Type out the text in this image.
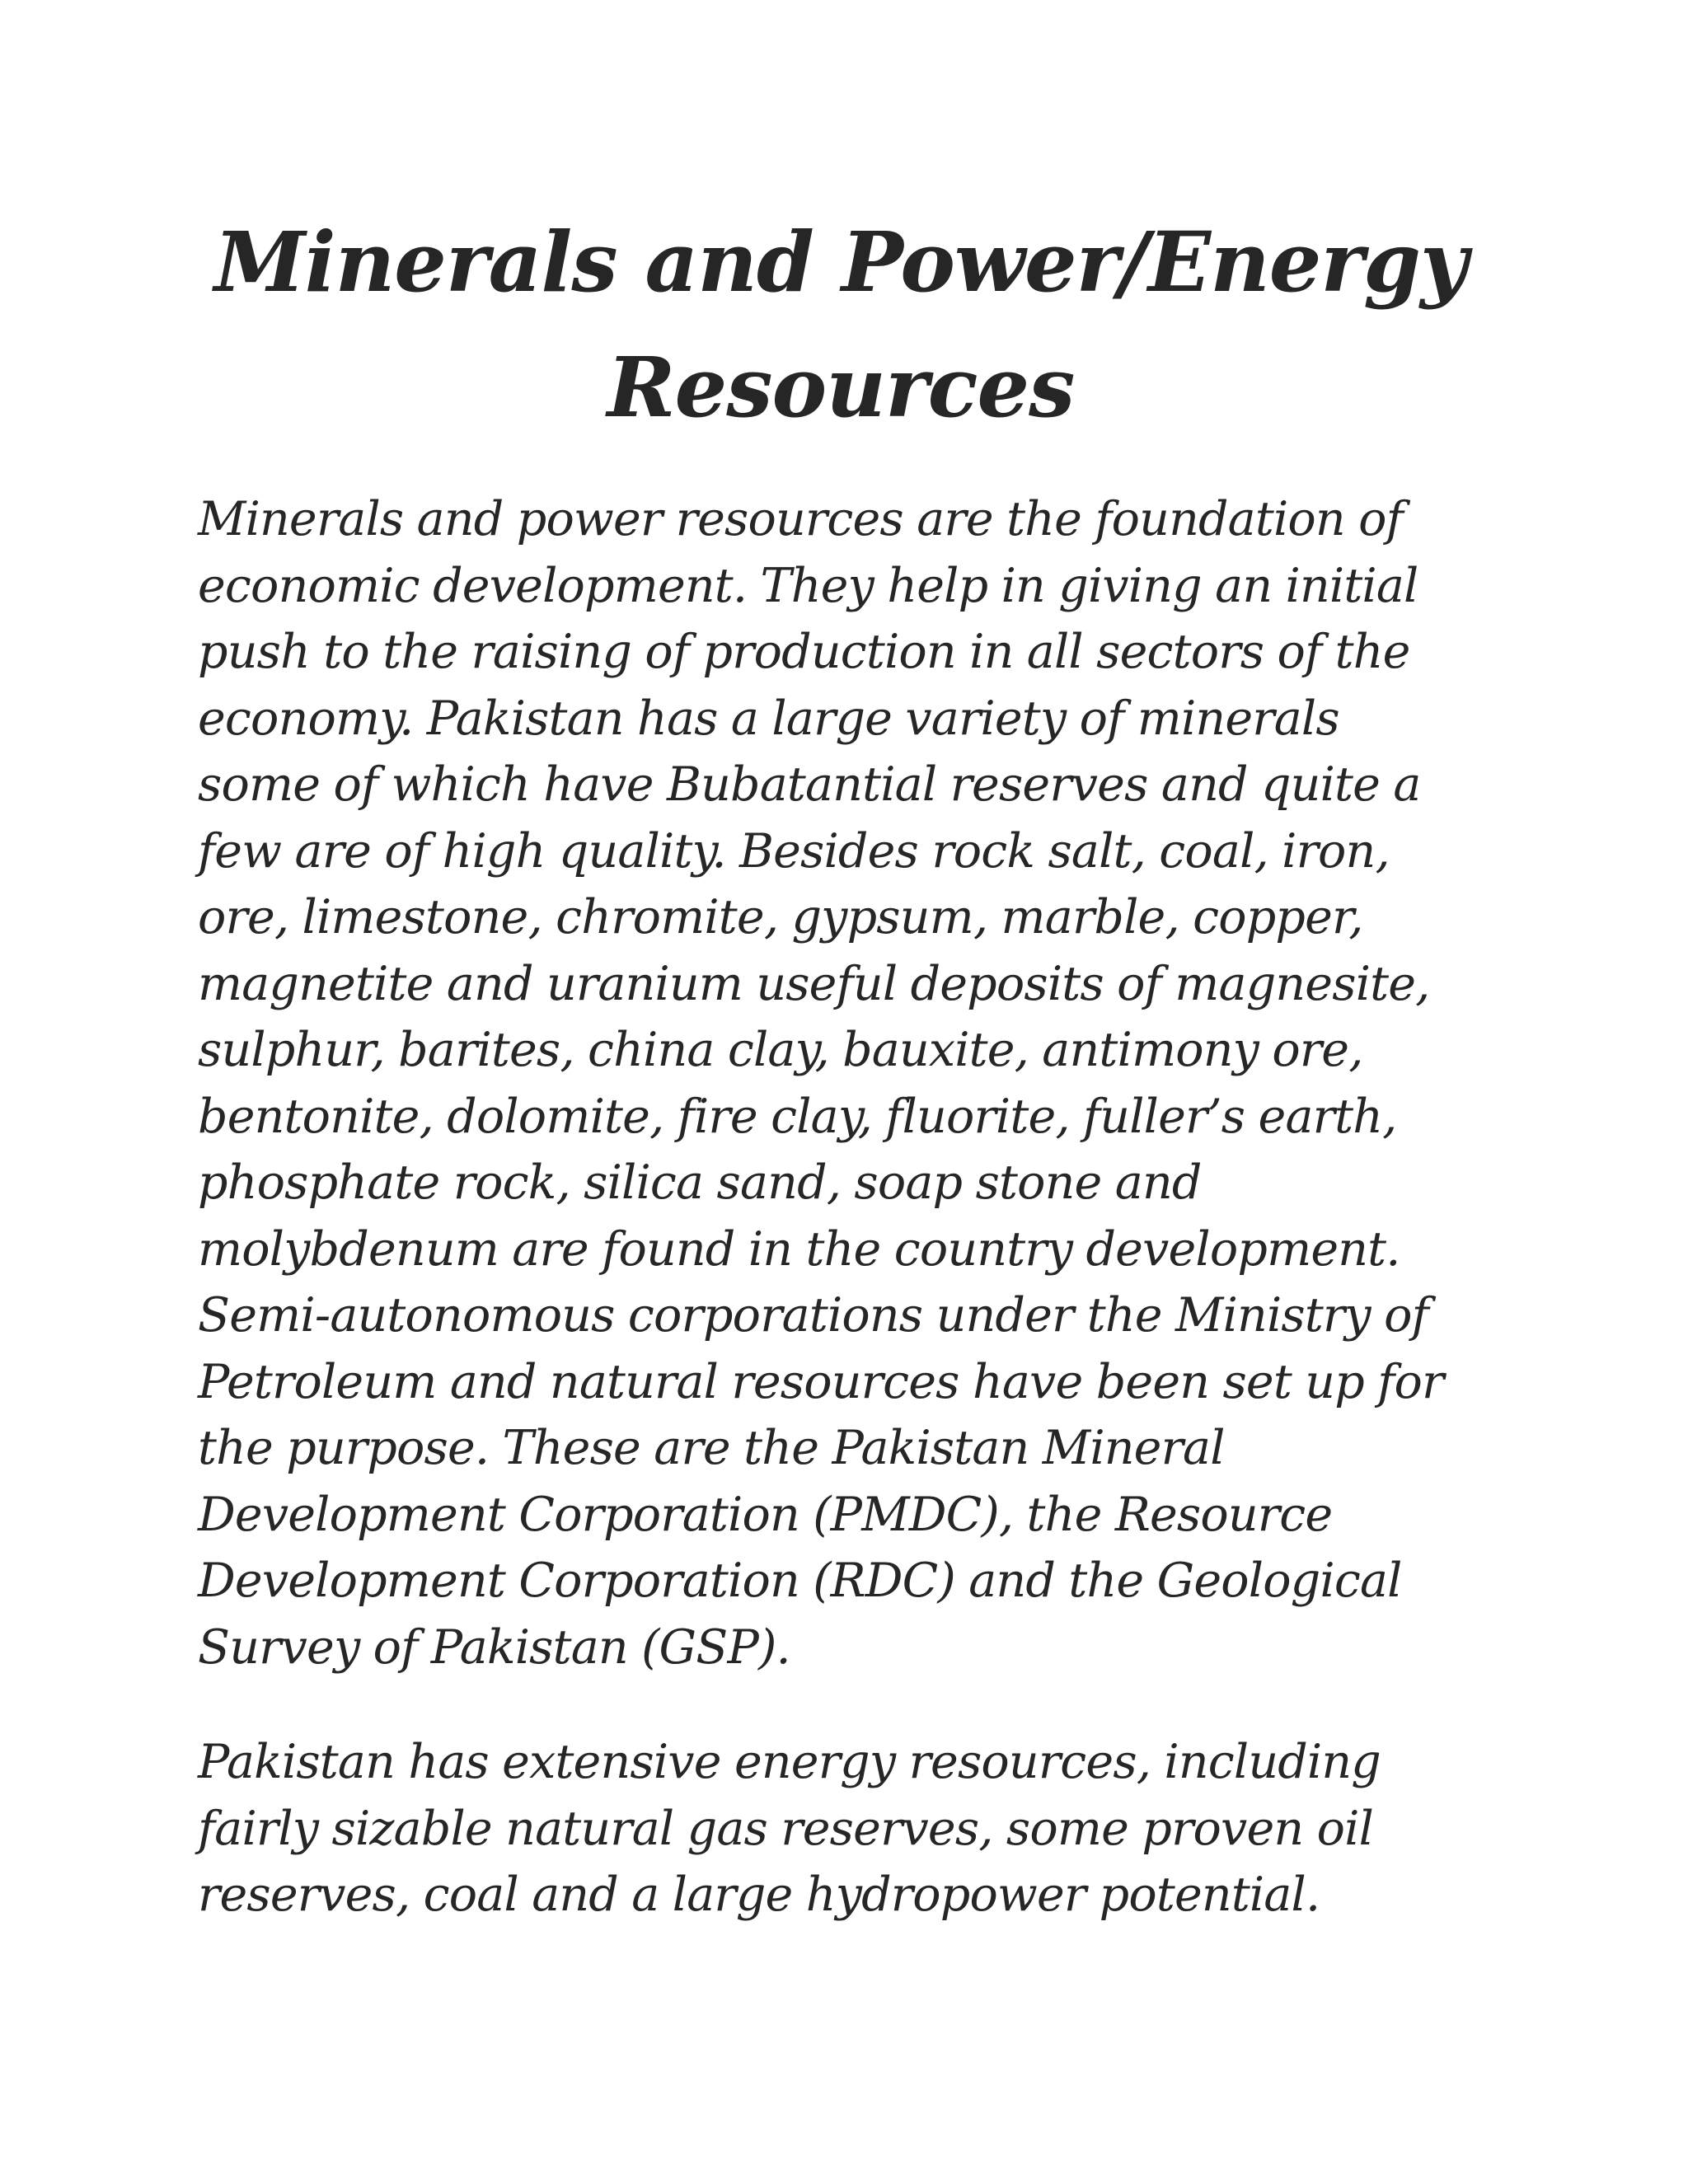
Minerals and Power/Energy
Resources
Minerals and power resources are the foundation of
economic development. They help in giving an initial
push to the raising of production in all sectors of the
economy. Pakistan has a large variety of minerals
some of which have Bubatantial reserves and quite a
few are of high quality. Besides rock salt, coal, iron,
ore, limestone, chromite, gypsum, marble, copper,
magnetite and uranium useful deposits of magnesite,
sulphur, barites, china clay, bauxite, antimony ore,
bentonite, dolomite, fire clay, fluorite, fuller’s earth,
phosphate rock, silica sand, soap stone and
molybdenum are found in the country development.
Semi-autonomous corporations under the Ministry of
Petroleum and natural resources have been set up for
the purpose. These are the Pakistan Mineral
Development Corporation (PMDC), the Resource
Development Corporation (RDC) and the Geological
Survey of Pakistan (GSP).
Pakistan has extensive energy resources, including
fairly sizable natural gas reserves, some proven oil
reserves, coal and a large hydropower potential.
